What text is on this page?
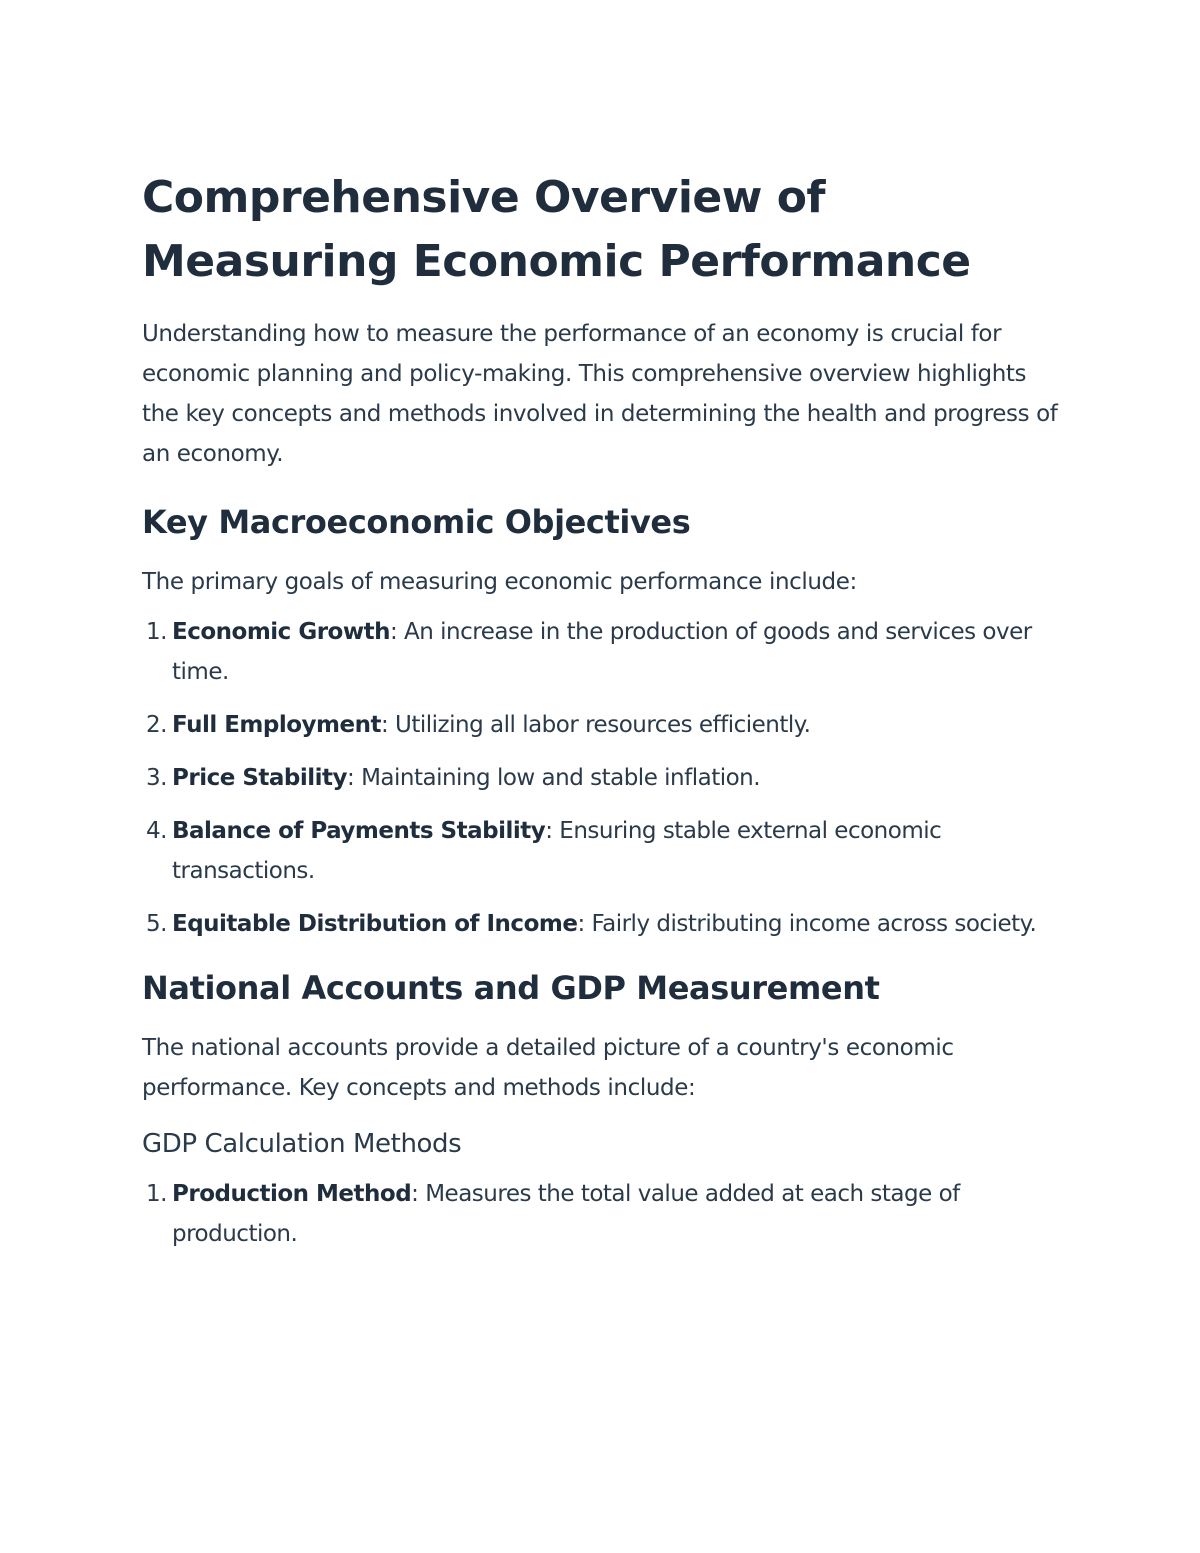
Comprehensive Overview of Measuring Economic Performance

Understanding how to measure the performance of an economy is crucial for economic planning and policy-making. This comprehensive overview highlights the key concepts and methods involved in determining the health and progress of an economy.

Key Macroeconomic Objectives

The primary goals of measuring economic performance include:

1. Economic Growth: An increase in the production of goods and services over time.
2. Full Employment: Utilizing all labor resources efficiently.
3. Price Stability: Maintaining low and stable inflation.
4. Balance of Payments Stability: Ensuring stable external economic transactions.
5. Equitable Distribution of Income: Fairly distributing income across society.
National Accounts and GDP Measurement

The national accounts provide a detailed picture of a country's economic performance. Key concepts and methods include:

GDP Calculation Methods
1. Production Method: Measures the total value added at each stage of production.
